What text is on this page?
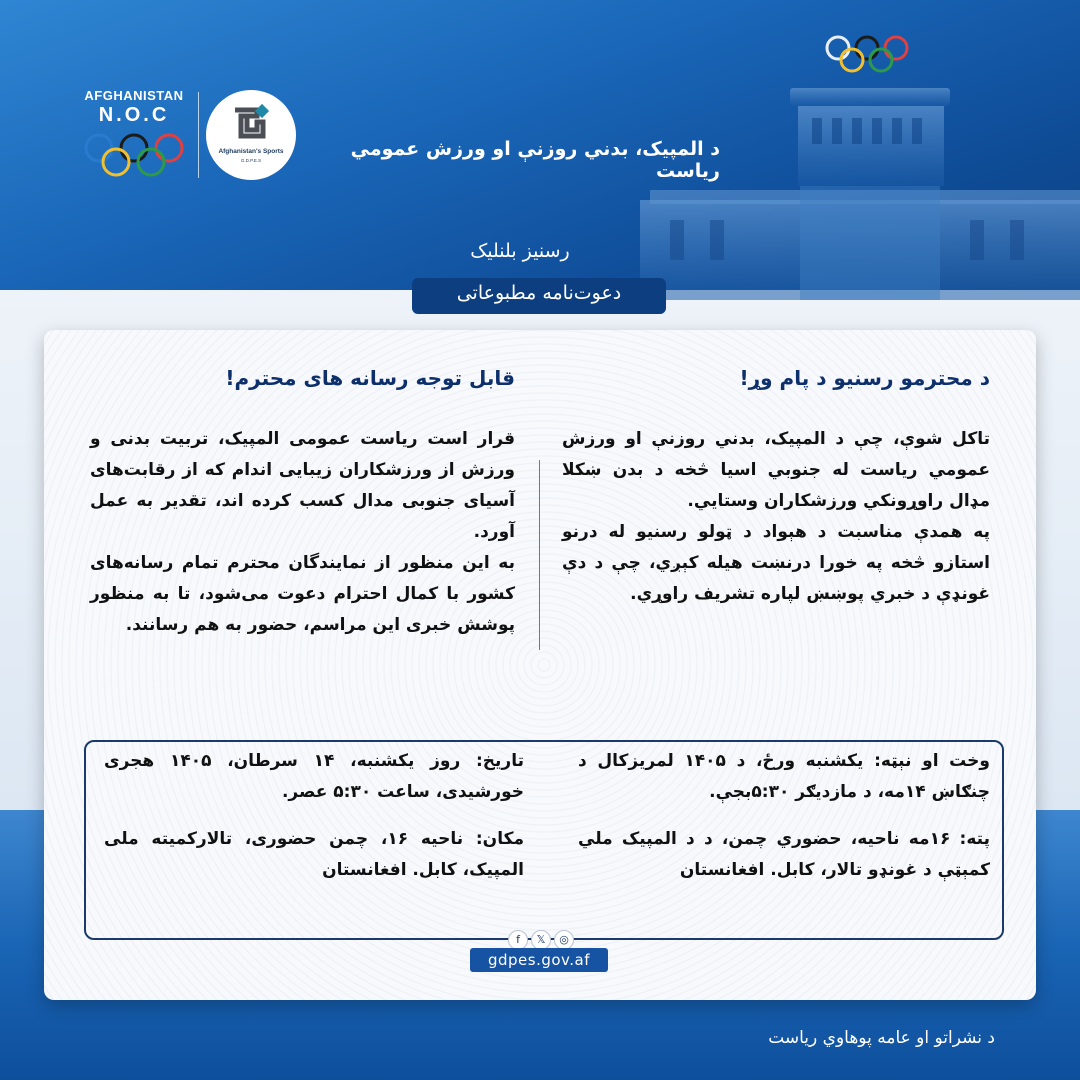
AFGHANISTAN
N.O.C
Afghanistan's Sports
G.D.P.E.S
د المپیک، بدني روزنې او ورزش عمومي ریاست
رسنيز بلنليک
دعوت‌نامه مطبوعاتی
د محترمو رسنیو د پام وړ!
قابل توجه رسانه های محترم!

تاکل شوې، چې د المپیک، بدني روزنې او ورزش عمومي ریاست له جنوبي اسیا څخه د بدن ښکلا مډال راوړونکي ورزشکاران وستایي.

په همدې مناسبت د هېواد د ټولو رسنیو له درنو استازو څخه په خورا درنښت هیله کېږي، چې د دې غونډې د خبري پوښښ لپاره تشریف راوړي.

قرار است ریاست عمومی المپیک، تربیت بدنی و ورزش از ورزشکاران زیبایی اندام که از رقابت‌های آسیای جنوبی مدال کسب کرده اند، تقدیر به عمل آورد.

به این منظور از نمایندگان محترم تمام رسانه‌های کشور با کمال احترام دعوت می‌شود، تا به منظور پوشش خبری این مراسم، حضور به هم رسانند.

وخت او نېټه: یکشنبه ورځ، د ۱۴۰۵ لمریزکال د چنګاښ ۱۴مه، د مازدیګر ۵:۳۰بجې.

پته: ۱۶مه ناحیه، حضوري چمن، د د المپیک ملي کمېټې د غونډو تالار، کابل. افغانستان

تاریخ: روز یکشنبه، ۱۴ سرطان، ۱۴۰۵ هجری خورشیدی، ساعت ۵:۳۰ عصر.

مکان: ناحیه ۱۶، چمن حضوری، تالارکمیته ملی المپیک، کابل. افغانستان

f	𝕏	◎
gdpes.gov.af
د نشراتو او عامه پوهاوي ریاست
